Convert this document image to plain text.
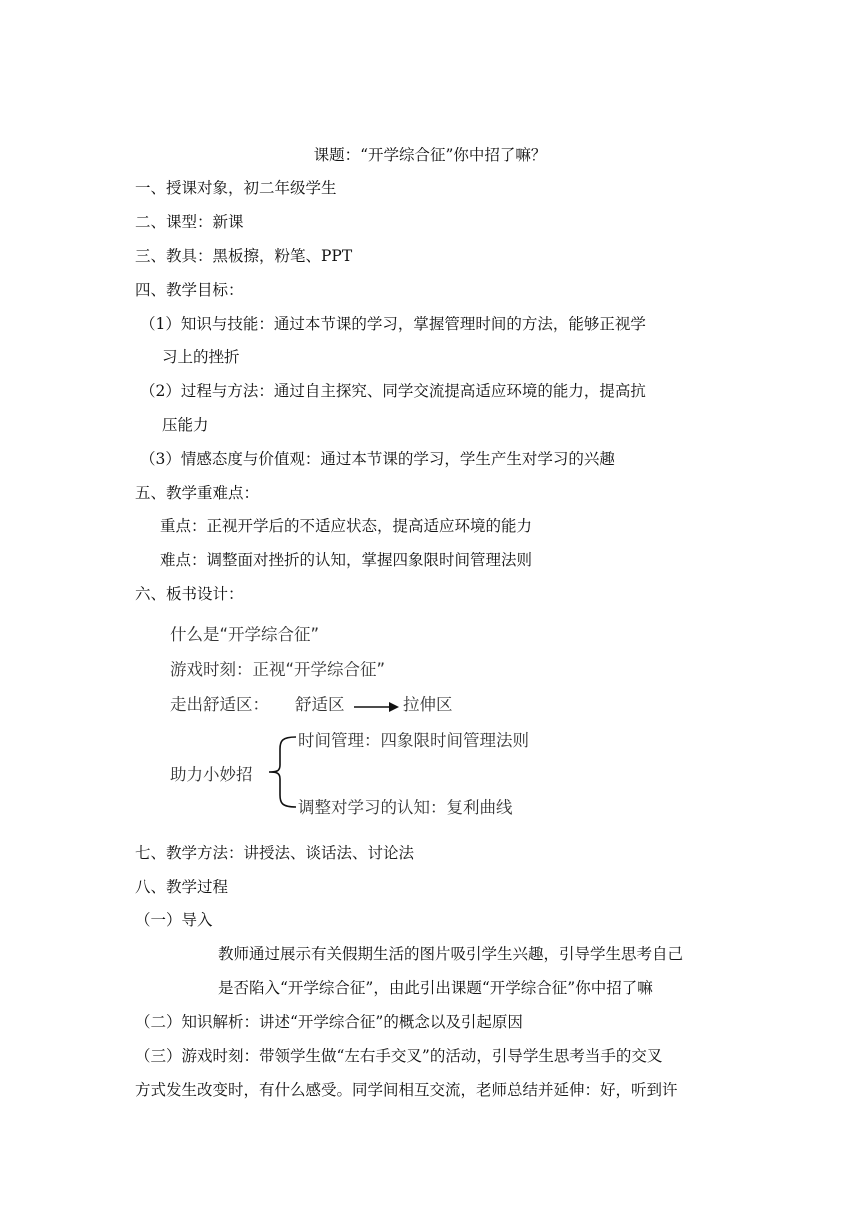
课题：“开学综合征”你中招了嘛？
一、授课对象，初二年级学生
二、课型：新课
三、教具：黑板擦，粉笔、PPT
四、教学目标：
（1）知识与技能：通过本节课的学习，掌握管理时间的方法，能够正视学
习上的挫折
（2）过程与方法：通过自主探究、同学交流提高适应环境的能力，提高抗
压能力
（3）情感态度与价值观：通过本节课的学习，学生产生对学习的兴趣
五、教学重难点：
重点：正视开学后的不适应状态，提高适应环境的能力
难点：调整面对挫折的认知，掌握四象限时间管理法则
六、板书设计：
什么是“开学综合征”
游戏时刻：正视“开学综合征”
走出舒适区： 舒适区	拉伸区
助力小妙招
时间管理：四象限时间管理法则
调整对学习的认知：复利曲线
七、教学方法：讲授法、谈话法、讨论法
八、教学过程
（一）导入
教师通过展示有关假期生活的图片吸引学生兴趣，引导学生思考自己
是否陷入“开学综合征”，由此引出课题“开学综合征”你中招了嘛
（二）知识解析：讲述“开学综合征”的概念以及引起原因
（三）游戏时刻：带领学生做“左右手交叉”的活动，引导学生思考当手的交叉
方式发生改变时，有什么感受。同学间相互交流，老师总结并延伸：好，听到许
